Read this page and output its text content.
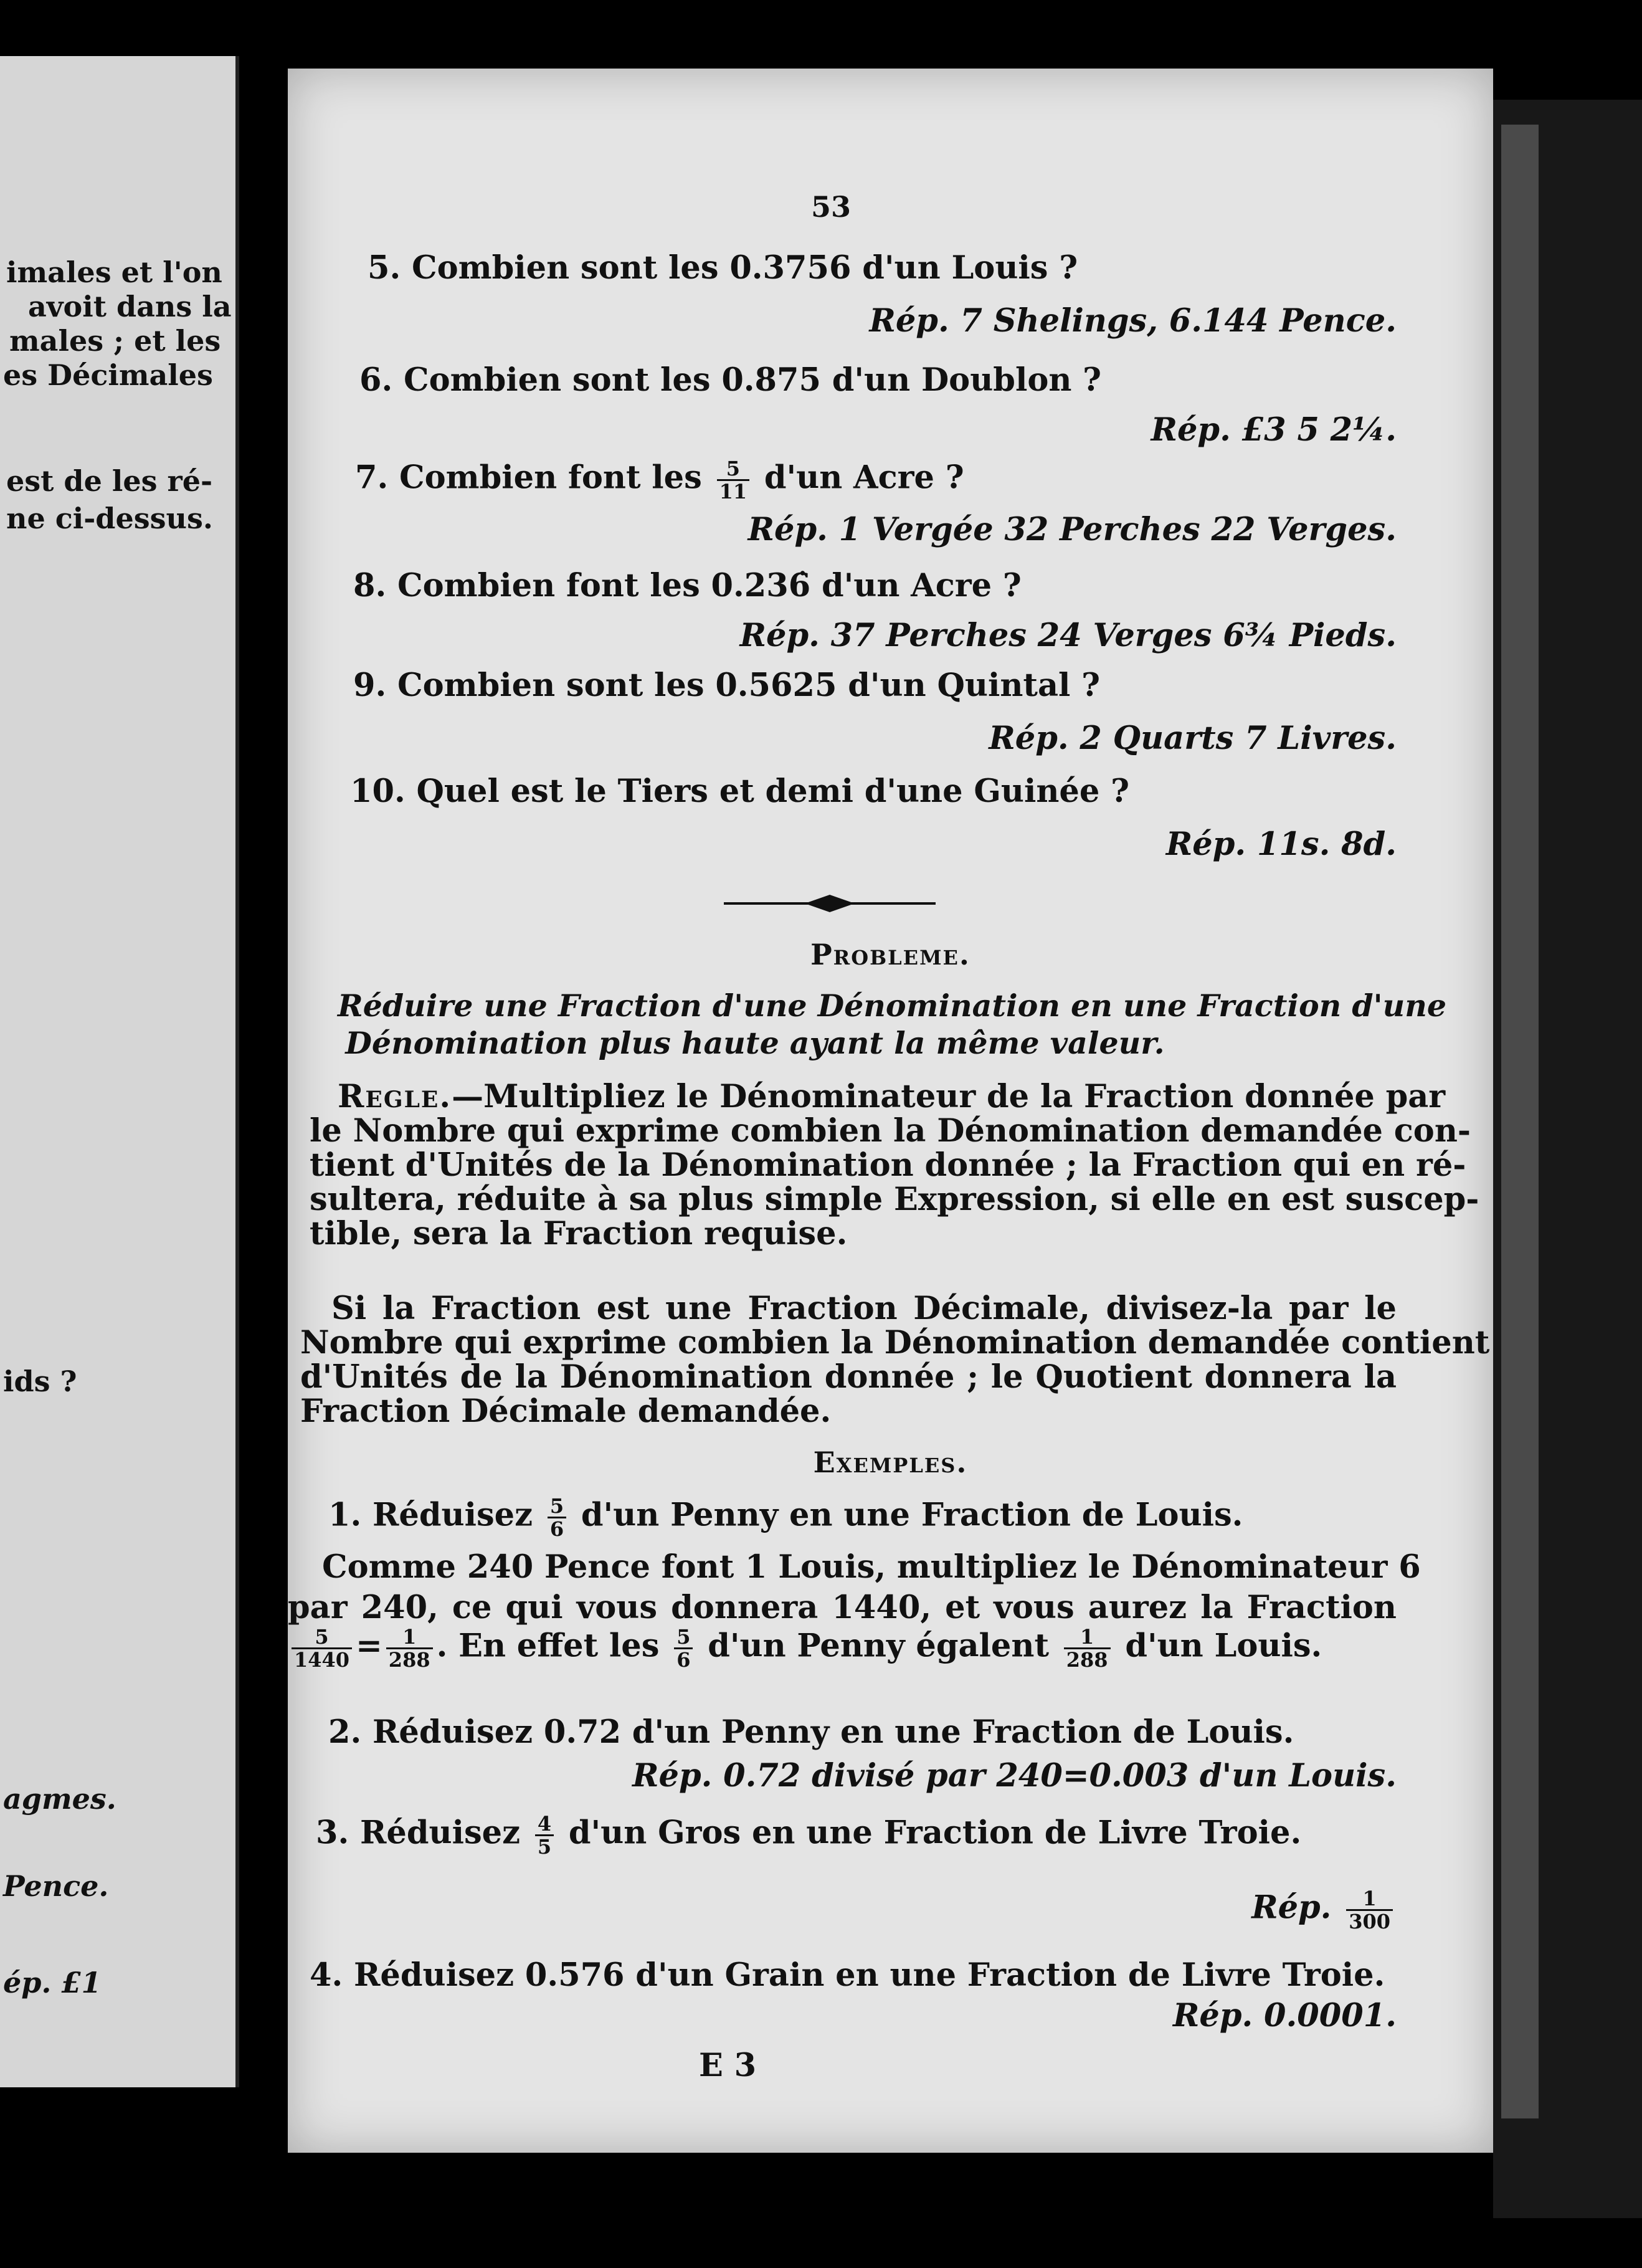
imales et l'on
avoit dans la
males ; et les
es Décimales
est de les ré-
ne ci-dessus.
ids ?
agmes.
Pence.
ép. £1
53
5. Combien sont les 0.3756 d'un Louis ?
Rép. 7 Shelings, 6.144 Pence.
6. Combien sont les 0.875 d'un Doublon ?
Rép. £3 5 2¼.
7. Combien font les $\frac{5}{11} d'un$ Acre ?
Rép. 1 Vergée 32 Perches 22 Verges.
8. Combien font les 0.236̇ d'un Acre ?
Rép. 37 Perches 24 Verges 6¾ Pieds.
9. Combien sont les 0.5625 d'un Quintal ?
Rép. 2 Quarts 7 Livres.
10. Quel est le Tiers et demi d'une Guinée ?
Rép. 11s. 8d.
Probleme.
Réduire une Fraction d'une Dénomination en une Fraction d'une
Dénomination plus haute ayant la même valeur.
Regle.—Multipliez le Dénominateur de la Fraction donnée par
le Nombre qui exprime combien la Dénomination demandée con-
tient d'Unités de la Dénomination donnée ; la Fraction qui en ré-
sultera, réduite à sa plus simple Expression, si elle en est suscep-
tible, sera la Fraction requise.
Si la Fraction est une Fraction Décimale, divisez-la par le
Nombre qui exprime combien la Dénomination demandée contient
d'Unités de la Dénomination donnée ; le Quotient donnera la
Fraction Décimale demandée.
Exemples.
1. Réduisez $\frac{5}{6} d'un$ Penny en une Fraction de Louis.
Comme 240 Pence font 1 Louis, multipliez le Dénominateur 6
par 240, ce qui vous donnera 1440, et vous aurez la Fraction
$\frac{5}{1440} = \frac{1}{288}$ . En effet les $\frac{5}{6} d'un$ Penny égalent $\frac{1}{288} d'un$ Louis.
2. Réduisez 0.72 d'un Penny en une Fraction de Louis.
Rép. 0.72 divisé par 240=0.003 d'un Louis.
3. Réduisez $\frac{4}{5} d'un$ Gros en une Fraction de Livre Troie.
Rép. $\frac{1}{300}$
4. Réduisez 0.576 d'un Grain en une Fraction de Livre Troie.
Rép. 0.0001.
E 3
